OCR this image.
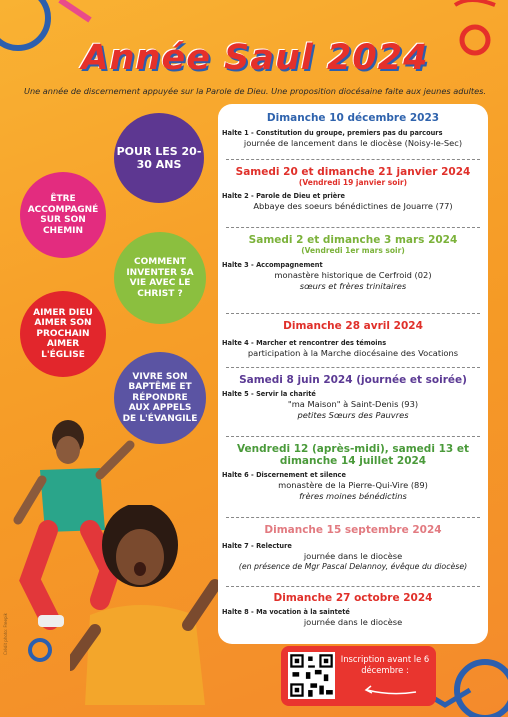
Année Saul 2024
Une année de discernement appuyée sur la Parole de Dieu. Une proposition diocésaine faite aux jeunes adultes.
POUR LES 20-30 ANS
ÊTRE ACCOMPAGNÉ SUR SON CHEMIN
COMMENT INVENTER SA VIE AVEC LE CHRIST ?
AIMER DIEU AIMER SON PROCHAIN AIMER L'ÉGLISE
VIVRE SON BAPTÊME ET RÉPONDRE AUX APPELS DE L'ÉVANGILE
Dimanche 10 décembre 2023
Halte 1 - Constitution du groupe, premiers pas du parcours
journée de lancement dans le diocèse (Noisy-le-Sec)
Samedi 20 et dimanche 21 janvier 2024
(Vendredi 19 janvier soir)
Halte 2 - Parole de Dieu et prière
Abbaye des soeurs bénédictines de Jouarre (77)
Samedi 2 et dimanche 3 mars 2024
(Vendredi 1er mars soir)
Halte 3 - Accompagnement
monastère historique de Cerfroid (02)
sœurs et frères trinitaires
Dimanche 28 avril 2024
Halte 4 - Marcher et rencontrer des témoins
participation à la Marche diocésaine des Vocations
Samedi 8 juin 2024 (journée et soirée)
Halte 5 - Servir la charité
"ma Maison" à Saint-Denis (93)
petites Sœurs des Pauvres
Vendredi 12 (après-midi), samedi 13 et dimanche 14 juillet 2024
Halte 6 - Discernement et silence
monastère de la Pierre-Qui-Vire (89)
frères moines bénédictins
Dimanche 15 septembre 2024
Halte 7 - Relecture
journée dans le diocèse
(en présence de Mgr Pascal Delannoy, évêque du diocèse)
Dimanche 27 octobre 2024
Halte 8 - Ma vocation à la sainteté
journée dans le diocèse
Inscription avant le 6 décembre :
Crédit photo: Freepik
